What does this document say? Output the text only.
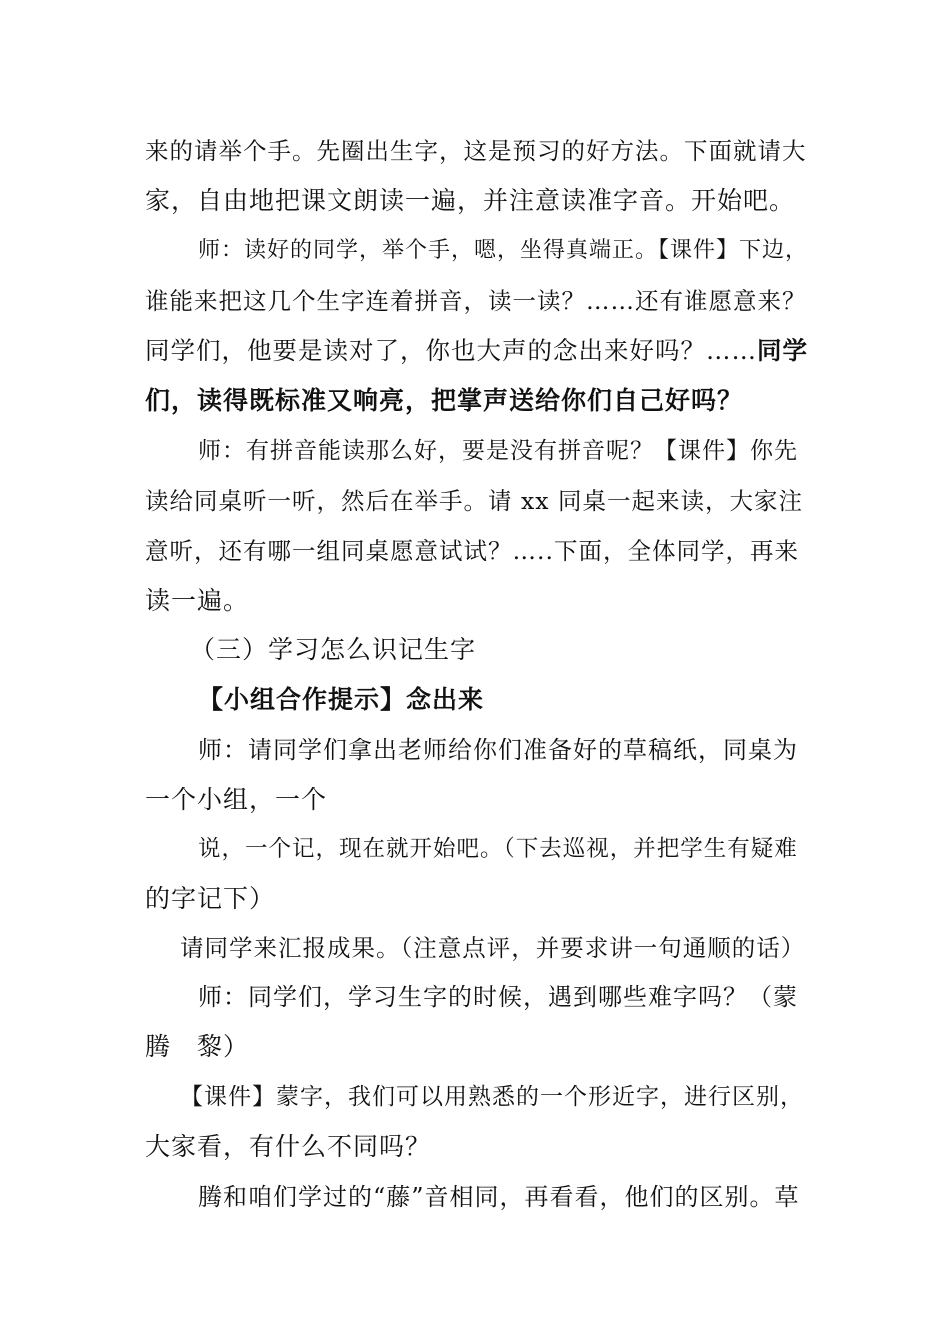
来的请举个手。先圈出生字，这是预习的好方法。下面就请大
家，自由地把课文朗读一遍，并注意读准字音。开始吧。
师：读好的同学，举个手，嗯，坐得真端正。【课件】下边，
谁能来把这几个生字连着拼音，读一读？……还有谁愿意来？
同学们，他要是读对了，你也大声的念出来好吗？……同学
们，读得既标准又响亮，把掌声送给你们自己好吗？
师：有拼音能读那么好，要是没有拼音呢？【课件】你先
读给同桌听一听，然后在举手。请 xx 同桌一起来读，大家注
意听，还有哪一组同桌愿意试试？…..下面，全体同学，再来
读一遍。
（三）学习怎么识记生字
【小组合作提示】念出来
师：请同学们拿出老师给你们准备好的草稿纸，同桌为
一个小组，一个
说，一个记，现在就开始吧。（下去巡视，并把学生有疑难
的字记下）
请同学来汇报成果。（注意点评，并要求讲一句通顺的话）
师：同学们，学习生字的时候，遇到哪些难字吗？（蒙
腾　黎）
【课件】蒙字，我们可以用熟悉的一个形近字，进行区别，
大家看，有什么不同吗？
腾和咱们学过的“藤”音相同，再看看，他们的区别。草
